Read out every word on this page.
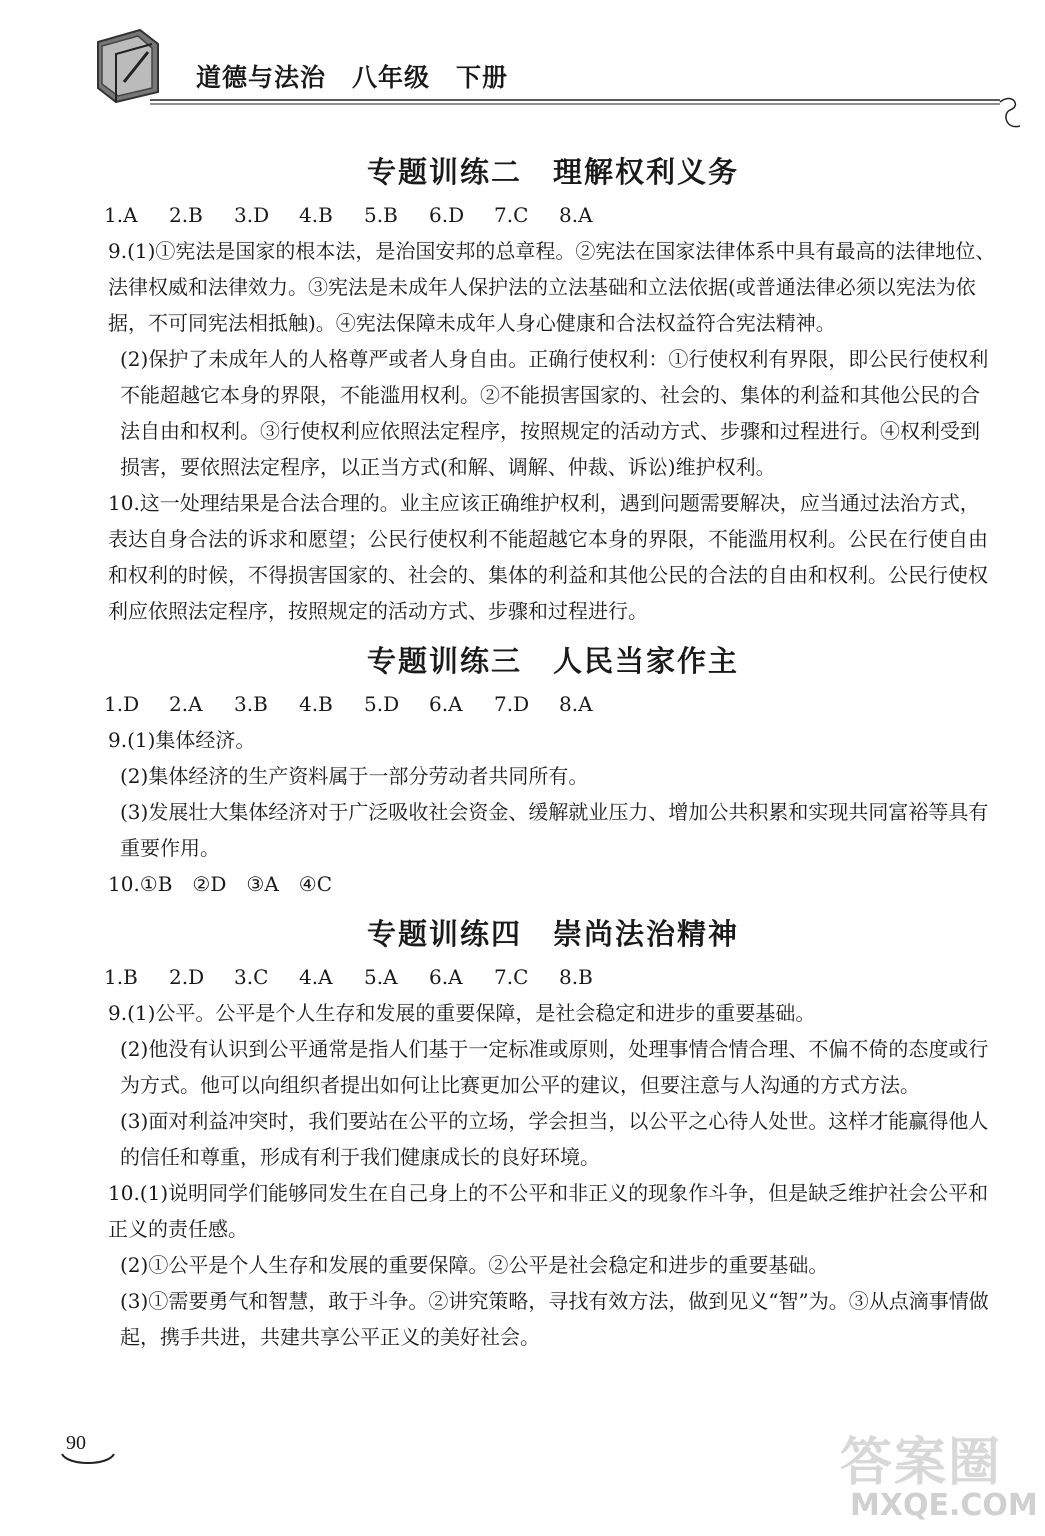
道德与法治　八年级　下册
专题训练二　理解权利义务
1.A	2.B	3.D	4.B	5.B	6.D	7.C	8.A

9.(1)①宪法是国家的根本法，是治国安邦的总章程。②宪法在国家法律体系中具有最高的法律地位、法律权威和法律效力。③宪法是未成年人保护法的立法基础和立法依据(或普通法律必须以宪法为依据，不可同宪法相抵触)。④宪法保障未成年人身心健康和合法权益符合宪法精神。

(2)保护了未成年人的人格尊严或者人身自由。正确行使权利：①行使权利有界限，即公民行使权利不能超越它本身的界限，不能滥用权利。②不能损害国家的、社会的、集体的利益和其他公民的合法自由和权利。③行使权利应依照法定程序，按照规定的活动方式、步骤和过程进行。④权利受到损害，要依照法定程序，以正当方式(和解、调解、仲裁、诉讼)维护权利。

10.这一处理结果是合法合理的。业主应该正确维护权利，遇到问题需要解决，应当通过法治方式，表达自身合法的诉求和愿望；公民行使权利不能超越它本身的界限，不能滥用权利。公民在行使自由和权利的时候，不得损害国家的、社会的、集体的利益和其他公民的合法的自由和权利。公民行使权利应依照法定程序，按照规定的活动方式、步骤和过程进行。

专题训练三　人民当家作主
1.D	2.A	3.B	4.B	5.D	6.A	7.D	8.A

9.(1)集体经济。

(2)集体经济的生产资料属于一部分劳动者共同所有。

(3)发展壮大集体经济对于广泛吸收社会资金、缓解就业压力、增加公共积累和实现共同富裕等具有重要作用。

10.①B　②D　③A　④C

专题训练四　崇尚法治精神
1.B	2.D	3.C	4.A	5.A	6.A	7.C	8.B

9.(1)公平。公平是个人生存和发展的重要保障，是社会稳定和进步的重要基础。

(2)他没有认识到公平通常是指人们基于一定标准或原则，处理事情合情合理、不偏不倚的态度或行为方式。他可以向组织者提出如何让比赛更加公平的建议，但要注意与人沟通的方式方法。

(3)面对利益冲突时，我们要站在公平的立场，学会担当，以公平之心待人处世。这样才能赢得他人的信任和尊重，形成有利于我们健康成长的良好环境。

10.(1)说明同学们能够同发生在自己身上的不公平和非正义的现象作斗争，但是缺乏维护社会公平和正义的责任感。

(2)①公平是个人生存和发展的重要保障。②公平是社会稳定和进步的重要基础。

(3)①需要勇气和智慧，敢于斗争。②讲究策略，寻找有效方法，做到见义“智”为。③从点滴事情做起，携手共进，共建共享公平正义的美好社会。

90	答案圈
MXQE.COM
